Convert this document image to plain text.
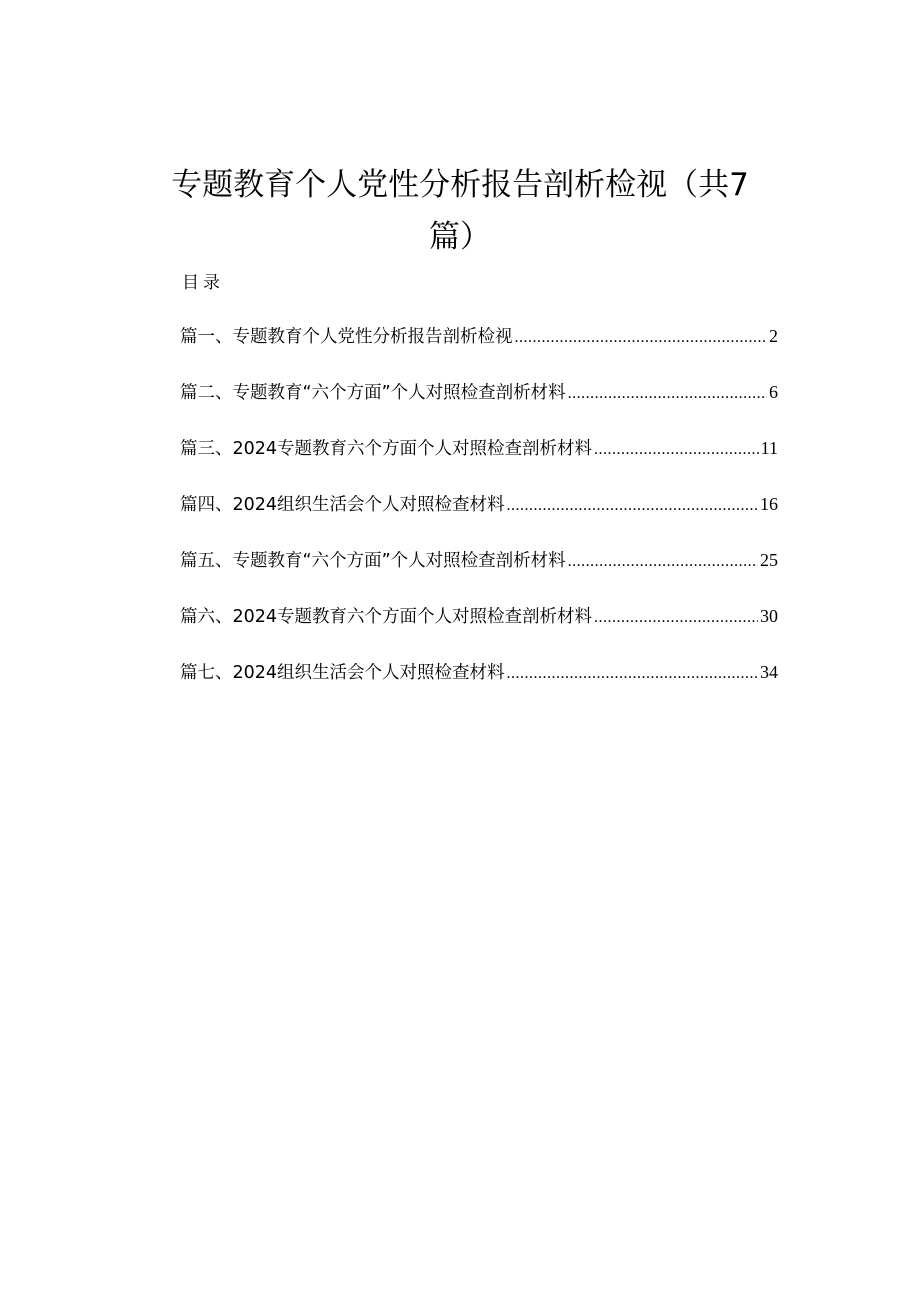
专题教育个人党性分析报告剖析检视（共7
篇）
目录
篇一、专题教育个人党性分析报告剖析检视 .....	2
篇二、专题教育“六个方面”个人对照检查剖析材料 .....	6
篇三、2024专题教育六个方面个人对照检查剖析材料 .....	11
篇四、2024组织生活会个人对照检查材料 .....	16
篇五、专题教育“六个方面”个人对照检查剖析材料 .....	25
篇六、2024专题教育六个方面个人对照检查剖析材料 .....	30
篇七、2024组织生活会个人对照检查材料 .....	34
